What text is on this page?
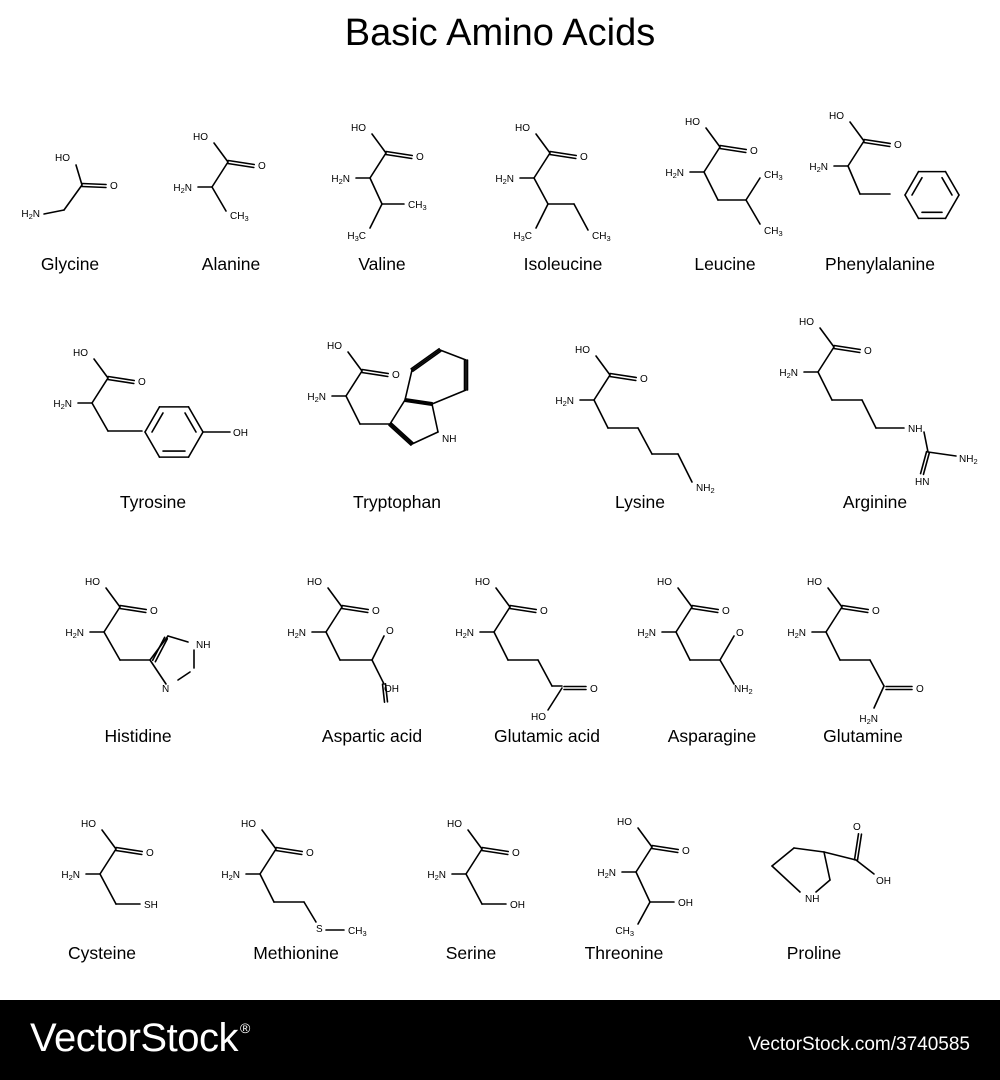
Basic Amino Acids
$H_2N$
HO
O
Glycine
$H_2N$
HO
O
$CH_3$
Alanine
$H_2N$
HO
O
$CH_3$
$H_3C$
Valine
$H_2N$
HO
O
$H_3C$	$CH_3$
Isoleucine
$H_2N$
HO
O
$CH_3$
$CH_3$
Leucine
$H_2N$
HO
O
Phenylalanine
$H_2N$
HO
O
OH
Tyrosine
$H_2N$
HO
O
NH
Tryptophan
$H_2N$
HO
O
$NH_2$
Lysine
$H_2N$
HO
O
NH
$NH_2$
HN
Arginine
$H_2N$
HO
O
NH
N
Histidine
$H_2N$
HO
O
O
OH
Aspartic acid
$H_2N$
HO
O
O
HO
Glutamic acid
$H_2N$
HO
O
O
$NH_2$
Asparagine
$H_2N$
HO
O
O
$H_2N$
Glutamine
$H_2N$
HO
O
SH
Cysteine
$H_2N$
HO
O
S	$CH_3$
Methionine
$H_2N$
HO
O
OH
Serine
$H_2N$
HO
O
OH
$CH_3$
Threonine
O
OH
NH
Proline
VectorStock ®
VectorStock.com/3740585
